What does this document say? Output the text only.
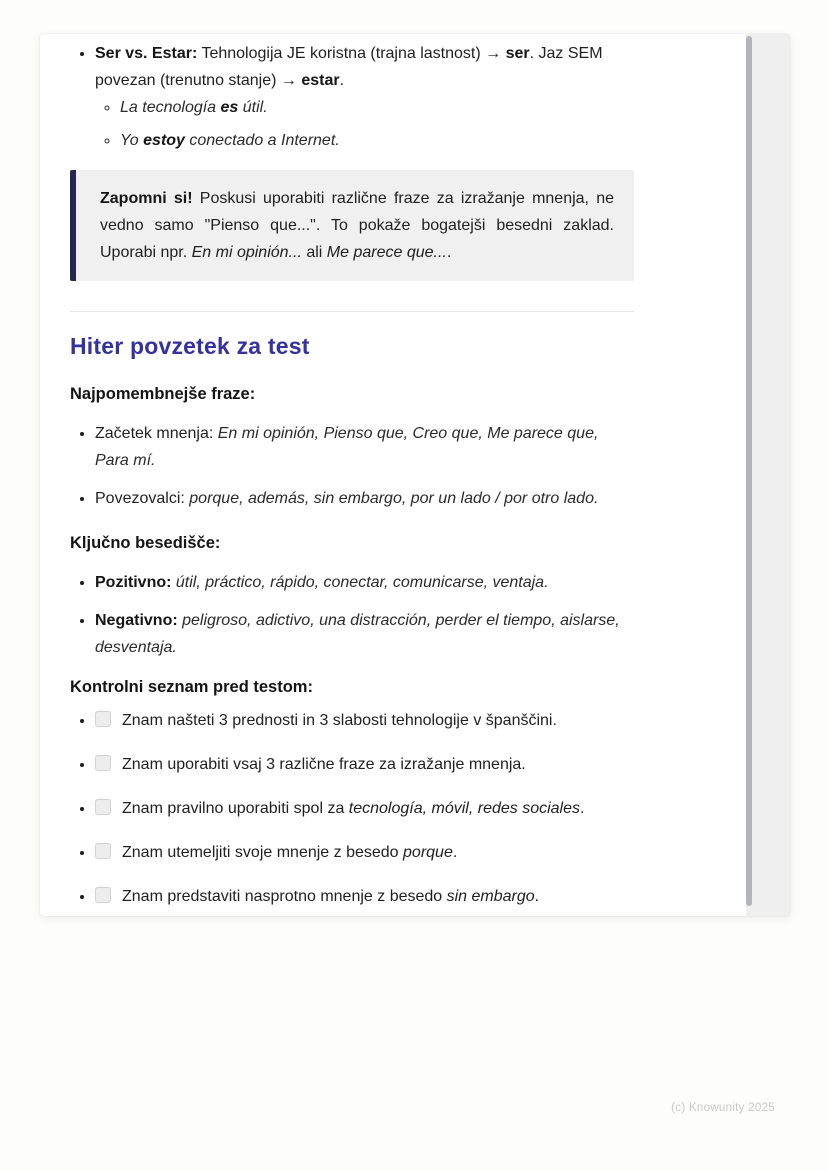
• Ser vs. Estar: Tehnologija JE koristna (trajna lastnost) → ser. Jaz SEM povezan (trenutno stanje) → estar.
◦ La tecnología es útil.
◦ Yo estoy conectado a Internet.
Zapomni si! Poskusi uporabiti različne fraze za izražanje mnenja, ne vedno samo "Pienso que...". To pokaže bogatejši besedni zaklad. Uporabi npr. En mi opinión... ali Me parece que....
Hiter povzetek za test

Najpomembnejše fraze:

• Začetek mnenja: En mi opinión, Pienso que, Creo que, Me parece que, Para mí.
• Povezovalci: porque, además, sin embargo, por un lado / por otro lado.

Ključno besedišče:

• Pozitivno: útil, práctico, rápido, conectar, comunicarse, ventaja.
• Negativno: peligroso, adictivo, una distracción, perder el tiempo, aislarse, desventaja.

Kontrolni seznam pred testom:

• Znam našteti 3 prednosti in 3 slabosti tehnologije v španščini.
• Znam uporabiti vsaj 3 različne fraze za izražanje mnenja.
• Znam pravilno uporabiti spol za tecnología, móvil, redes sociales.
• Znam utemeljiti svoje mnenje z besedo porque.
• Znam predstaviti nasprotno mnenje z besedo sin embargo.
(c) Knowunity 2025
